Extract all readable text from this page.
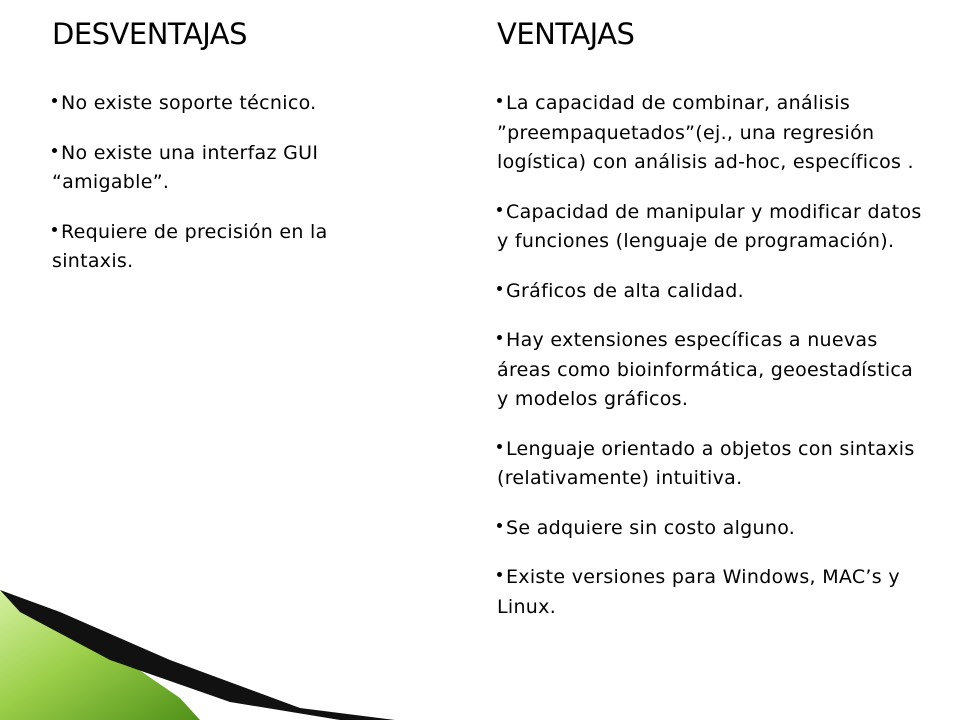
DESVENTAJAS
No existe soporte técnico.
No existe una interfaz GUI “amigable”.
Requiere de precisión en la sintaxis.
VENTAJAS
La capacidad de combinar, análisis ”preempaquetados”(ej., una regresión logística) con análisis ad-hoc, específicos .
Capacidad de manipular y modificar datos y funciones (lenguaje de programación).
Gráficos de alta calidad.
Hay extensiones específicas a nuevas áreas como bioinformática, geoestadística y modelos gráficos.
Lenguaje orientado a objetos con sintaxis (relativamente) intuitiva.
Se adquiere sin costo alguno.
Existe versiones para Windows, MAC’s y Linux.
